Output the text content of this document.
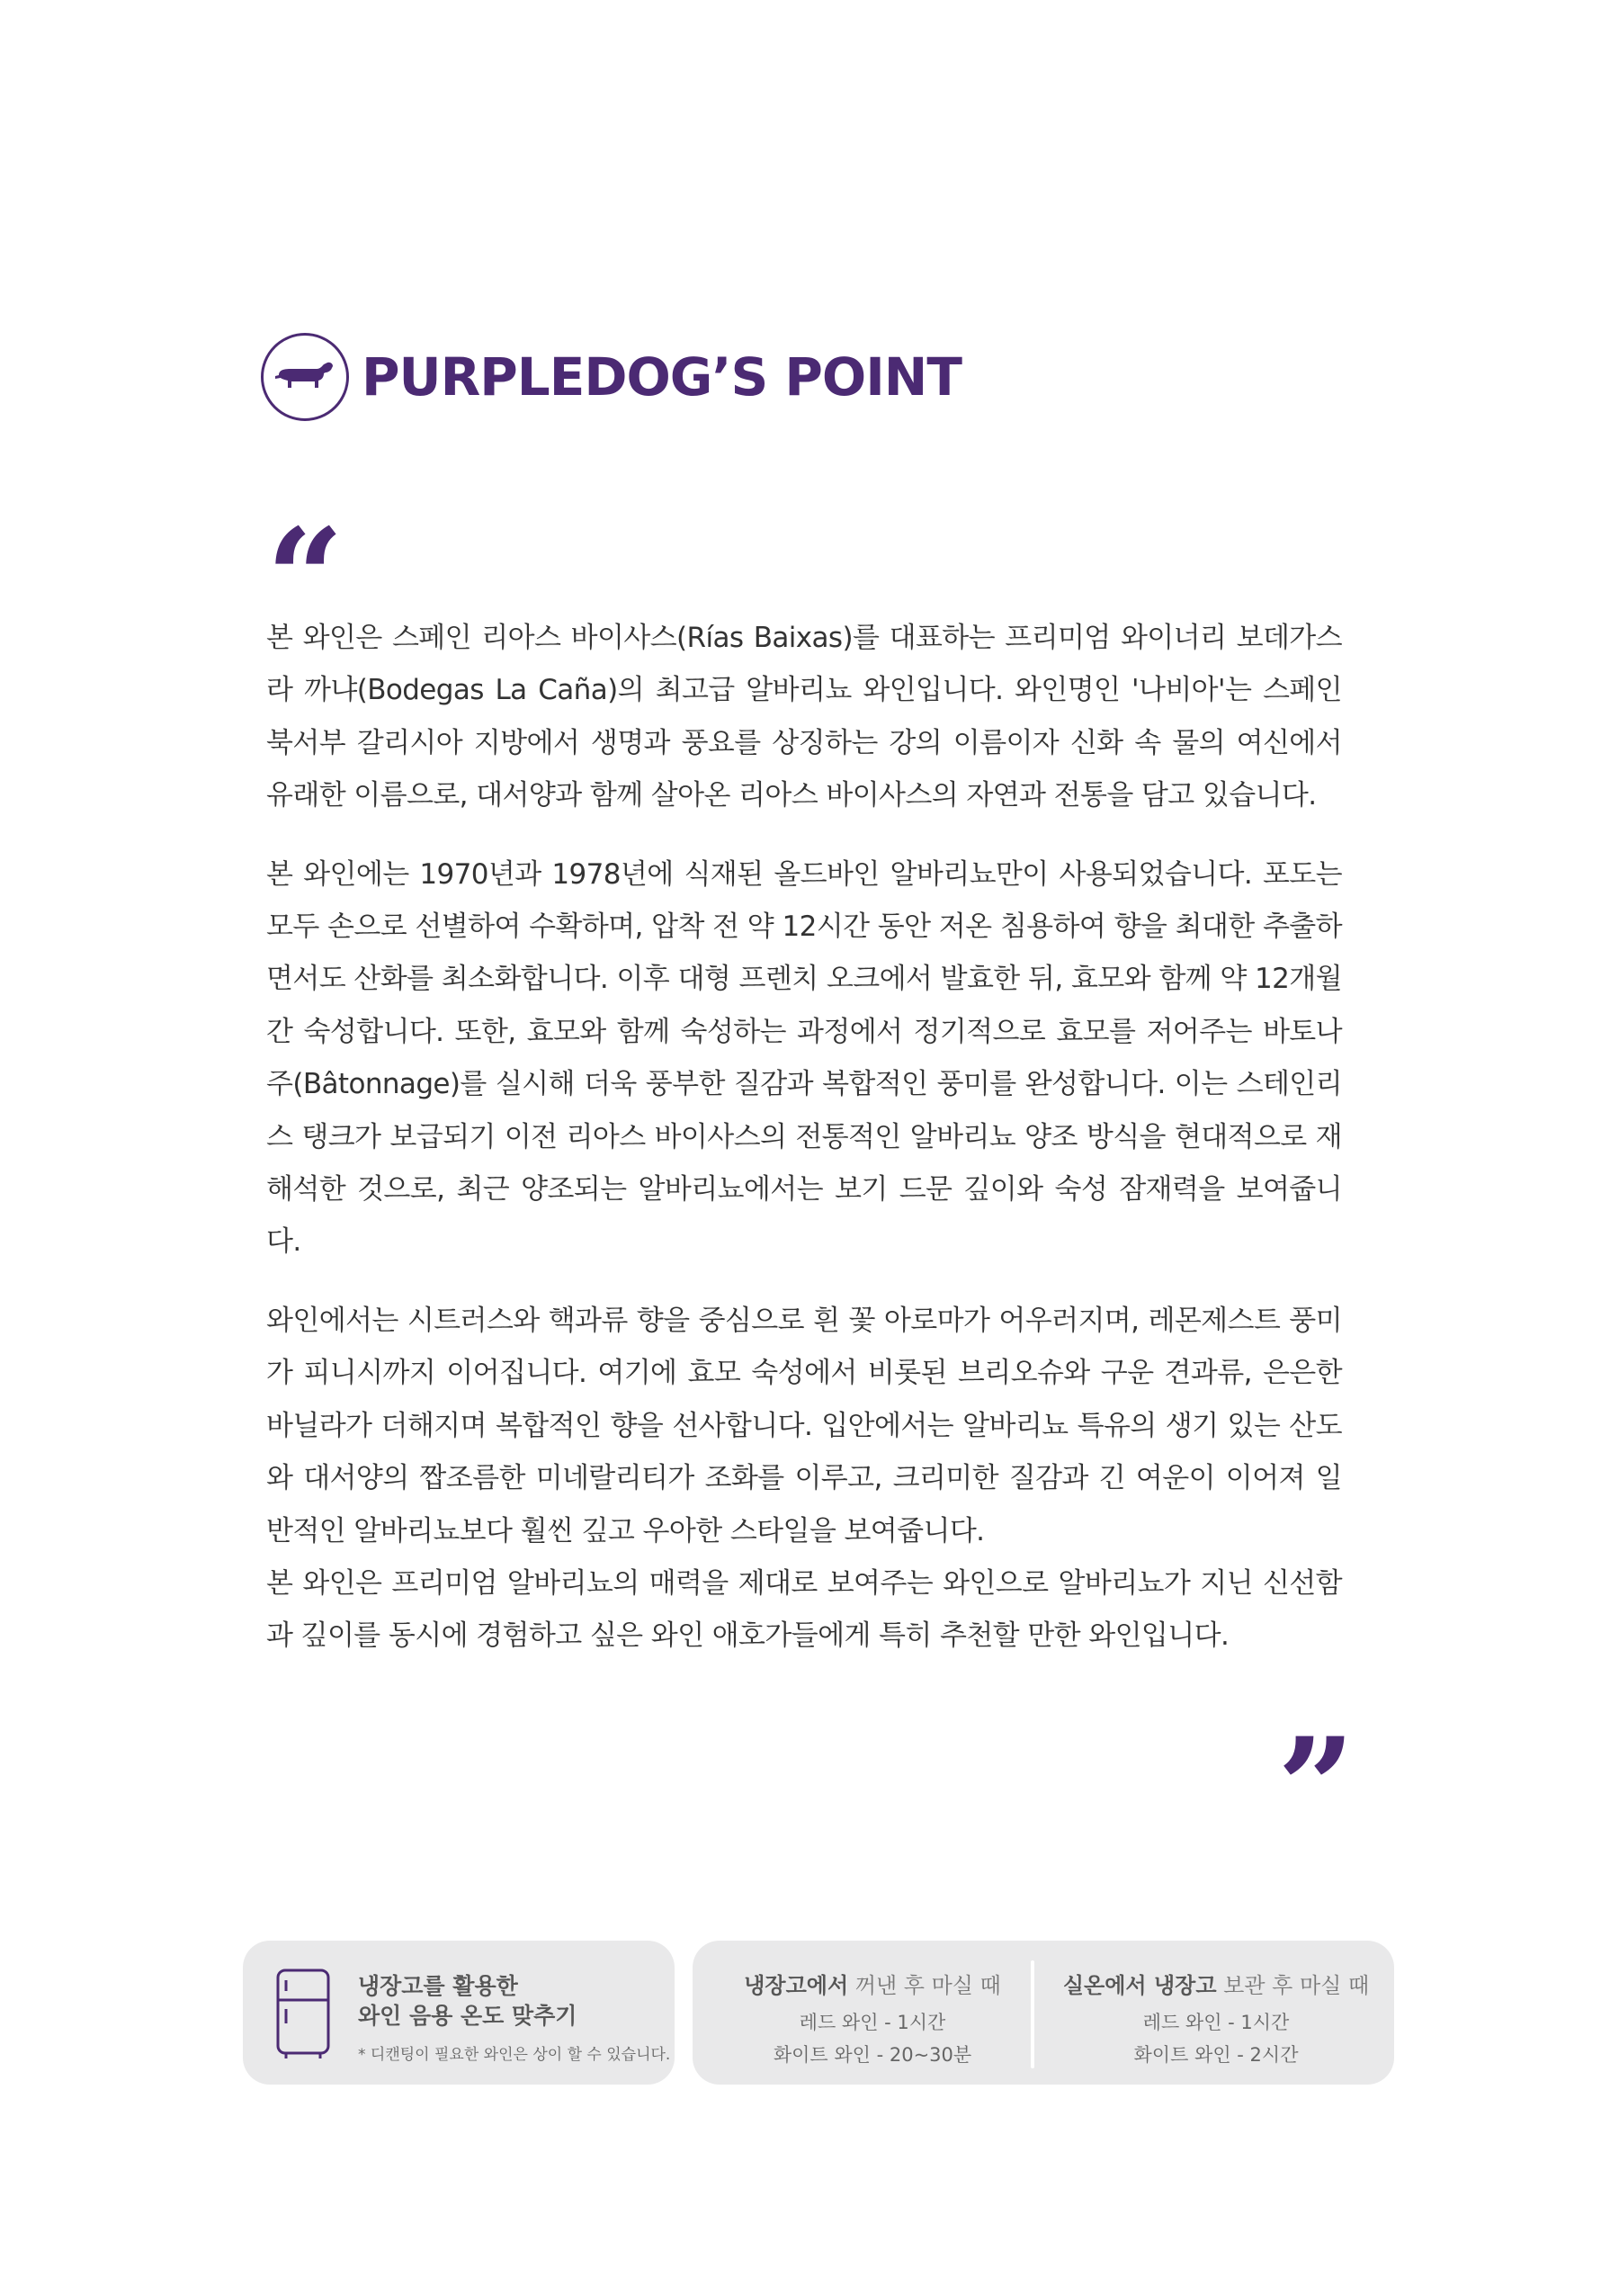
PURPLEDOG’S POINT
“

본 와인은 스페인 리아스 바이사스(Rías Baixas)를 대표하는 프리미엄 와이너리 보데가스 라 까냐(Bodegas La Caña)의 최고급 알바리뇨 와인입니다. 와인명인 '나비아'는 스페인 북서부 갈리시아 지방에서 생명과 풍요를 상징하는 강의 이름이자 신화 속 물의 여신에서 유래한 이름으로, 대서양과 함께 살아온 리아스 바이사스의 자연과 전통을 담고 있습니다.

본 와인에는 1970년과 1978년에 식재된 올드바인 알바리뇨만이 사용되었습니다. 포도는 모두 손으로 선별하여 수확하며, 압착 전 약 12시간 동안 저온 침용하여 향을 최대한 추출하면서도 산화를 최소화합니다. 이후 대형 프렌치 오크에서 발효한 뒤, 효모와 함께 약 12개월간 숙성합니다. 또한, 효모와 함께 숙성하는 과정에서 정기적으로 효모를 저어주는 바토나주(Bâtonnage)를 실시해 더욱 풍부한 질감과 복합적인 풍미를 완성합니다. 이는 스테인리스 탱크가 보급되기 이전 리아스 바이사스의 전통적인 알바리뇨 양조 방식을 현대적으로 재해석한 것으로, 최근 양조되는 알바리뇨에서는 보기 드문 깊이와 숙성 잠재력을 보여줍니다.

와인에서는 시트러스와 핵과류 향을 중심으로 흰 꽃 아로마가 어우러지며, 레몬제스트 풍미가 피니시까지 이어집니다. 여기에 효모 숙성에서 비롯된 브리오슈와 구운 견과류, 은은한 바닐라가 더해지며 복합적인 향을 선사합니다. 입안에서는 알바리뇨 특유의 생기 있는 산도와 대서양의 짭조름한 미네랄리티가 조화를 이루고, 크리미한 질감과 긴 여운이 이어져 일반적인 알바리뇨보다 훨씬 깊고 우아한 스타일을 보여줍니다.

본 와인은 프리미엄 알바리뇨의 매력을 제대로 보여주는 와인으로 알바리뇨가 지닌 신선함과 깊이를 동시에 경험하고 싶은 와인 애호가들에게 특히 추천할 만한 와인입니다.

”
냉장고를 활용한
와인 음용 온도 맞추기
* 디캔팅이 필요한 와인은 상이 할 수 있습니다.
냉장고에서 꺼낸 후 마실 때
레드 와인 - 1시간
화이트 와인 - 20~30분
실온에서 냉장고 보관 후 마실 때
레드 와인 - 1시간
화이트 와인 - 2시간
